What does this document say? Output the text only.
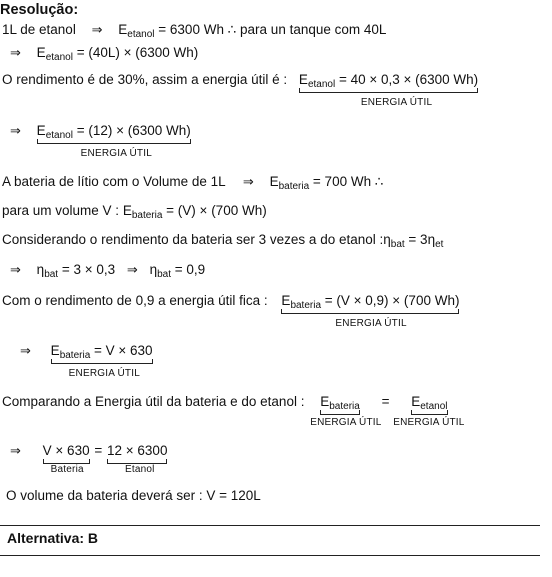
Resolução:
1L de etanol ⇒ $E_{etanol} = 6300$ Wh ∴ para un tanque com 40L
⇒ $E_{etanol} = (40L) \times (6300$ Wh)
O rendimento é de 30%, assim a energia útil é : $E_{etanol} = 40 \times 0,3 \times (6300$ Wh)
ENERGIA ÚTIL
⇒ $E_{etanol} = (12) \times (6300$ Wh)
ENERGIA ÚTIL
A bateria de lítio com o Volume de 1L ⇒ $E_{bateria} = 700$ Wh ∴
para um volume V : $E_{bateria} = (V) \times (700$ Wh)
Considerando o rendimento da bateria ser 3 vezes a do etanol $:\eta_{bat} = 3\eta_{et}$
⇒ $\eta_{bat} = 3 \times 0,3$ ⇒ $\eta_{bat} = 0,9$
Com o rendimento de 0,9 a energia útil fica : $E_{bateria} = (V \times 0,9) \times (700$ Wh)
ENERGIA ÚTIL
⇒ $E_{bateria} = V \times 630$
ENERGIA ÚTIL
Comparando a Energia útil da bateria e do etanol : $E_{bateria}$
ENERGIA ÚTIL
= $E_{etanol}$
ENERGIA ÚTIL
⇒ V × 630
Bateria
= 12 × 6300
Etanol
O volume da bateria deverá ser : V = 120L
Alternativa: B
